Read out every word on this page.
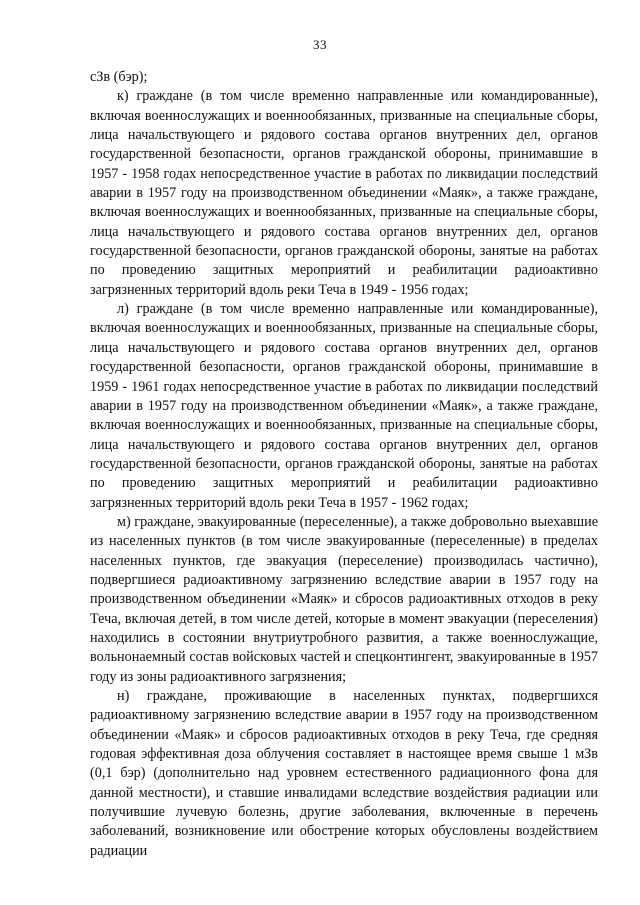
33

сЗв (бэр);

к) граждане (в том числе временно направленные или командированные), включая военнослужащих и военнообязанных, призванные на специальные сборы, лица начальствующего и рядового состава органов внутренних дел, органов государственной безопасности, органов гражданской обороны, принимавшие в 1957 - 1958 годах непосредственное участие в работах по ликвидации последствий аварии в 1957 году на производственном объединении «Маяк», а также граждане, включая военнослужащих и военнообязанных, призванные на специальные сборы, лица начальствующего и рядового состава органов внутренних дел, органов государственной безопасности, органов гражданской обороны, занятые на работах по проведению защитных мероприятий и реабилитации радиоактивно загрязненных территорий вдоль реки Теча в 1949 - 1956 годах;

л) граждане (в том числе временно направленные или командированные), включая военнослужащих и военнообязанных, призванные на специальные сборы, лица начальствующего и рядового состава органов внутренних дел, органов государственной безопасности, органов гражданской обороны, принимавшие в 1959 - 1961 годах непосредственное участие в работах по ликвидации последствий аварии в 1957 году на производственном объединении «Маяк», а также граждане, включая военнослужащих и военнообязанных, призванные на специальные сборы, лица начальствующего и рядового состава органов внутренних дел, органов государственной безопасности, органов гражданской обороны, занятые на работах по проведению защитных мероприятий и реабилитации радиоактивно загрязненных территорий вдоль реки Теча в 1957 - 1962 годах;

м) граждане, эвакуированные (переселенные), а также добровольно выехавшие из населенных пунктов (в том числе эвакуированные (переселенные) в пределах населенных пунктов, где эвакуация (переселение) производилась частично), подвергшиеся радиоактивному загрязнению вследствие аварии в 1957 году на производственном объединении «Маяк» и сбросов радиоактивных отходов в реку Теча, включая детей, в том числе детей, которые в момент эвакуации (переселения) находились в состоянии внутриутробного развития, а также военнослужащие, вольнонаемный состав войсковых частей и спецконтингент, эвакуированные в 1957 году из зоны радиоактивного загрязнения;

н) граждане, проживающие в населенных пунктах, подвергшихся радиоактивному загрязнению вследствие аварии в 1957 году на производственном объединении «Маяк» и сбросов радиоактивных отходов в реку Теча, где средняя годовая эффективная доза облучения составляет в настоящее время свыше 1 мЗв (0,1 бэр) (дополнительно над уровнем естественного радиационного фона для данной местности), и ставшие инвалидами вследствие воздействия радиации или получившие лучевую болезнь, другие заболевания, включенные в перечень заболеваний, возникновение или обострение которых обусловлены воздействием радиации
